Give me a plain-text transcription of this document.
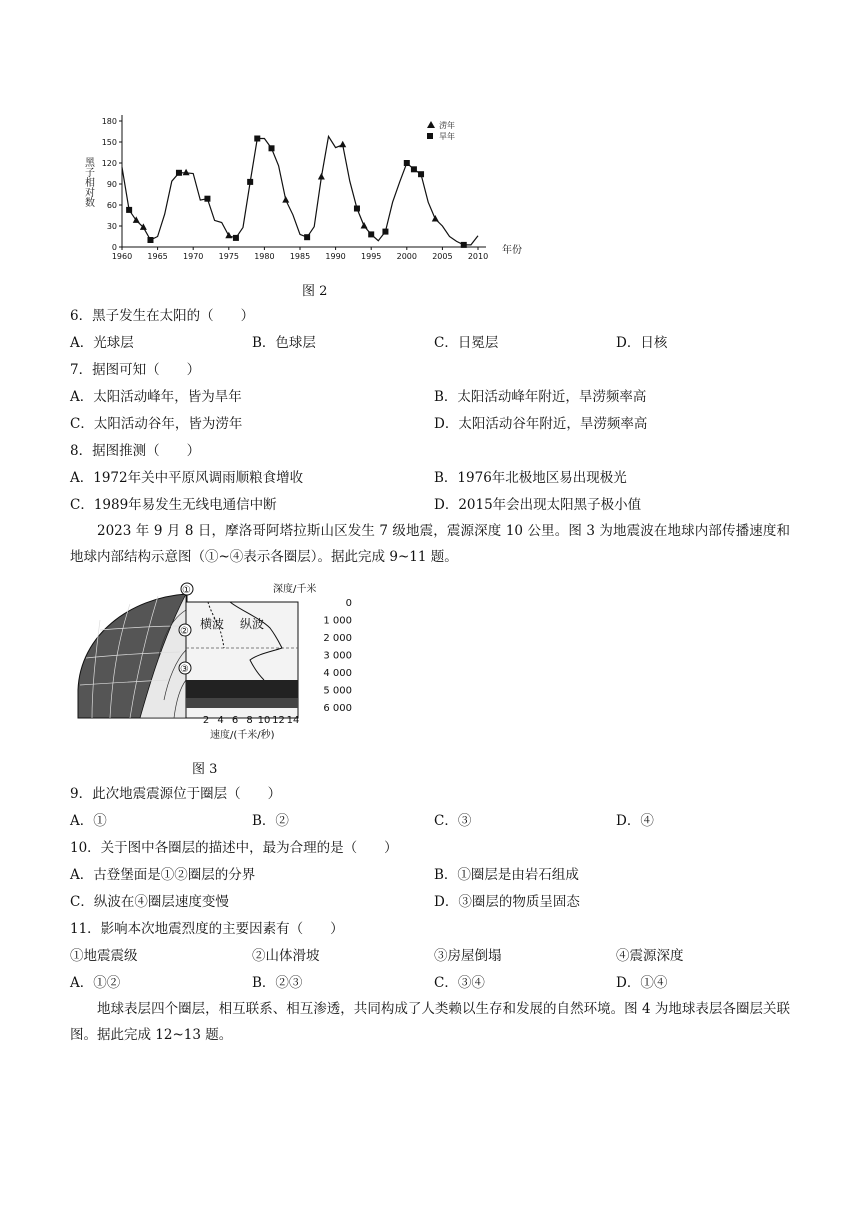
0
30
60
90
120
150
180
1960 1965 1970 1975 1980 1985 1990 1995 2000 2005 2010
黑子相对数
年份
涝年
旱年
图 2
6．黑子发生在太阳的（　　）
A．光球层	B．色球层	C．日冕层	D．日核
7．据图可知（　　）
A．太阳活动峰年，皆为旱年	B．太阳活动峰年附近，旱涝频率高
C．太阳活动谷年，皆为涝年	D．太阳活动谷年附近，旱涝频率高
8．据图推测（　　）
A．1972年关中平原风调雨顺粮食增收	B．1976年北极地区易出现极光
C．1989年易发生无线电通信中断	D．2015年会出现太阳黑子极小值
2023 年 9 月 8 日，摩洛哥阿塔拉斯山区发生 7 级地震，震源深度 10 公里。图 3 为地震波在地球内部传播速度和地球内部结构示意图（①~④表示各圈层）。据此完成 9~11 题。
①
②
③
横波 纵波
深度/千米
0
1 000
2 000
3 000
4 000
5 000
6 000
2 4 6 8 10 12 14
速度/(千米/秒)
图 3
9．此次地震震源位于圈层（　　）
A．①	B．②	C．③	D．④
10．关于图中各圈层的描述中，最为合理的是（　　）
A．古登堡面是①②圈层的分界	B．①圈层是由岩石组成
C．纵波在④圈层速度变慢	D．③圈层的物质呈固态
11．影响本次地震烈度的主要因素有（　　）
①地震震级	②山体滑坡	③房屋倒塌	④震源深度
A．①②	B．②③	C．③④	D．①④
地球表层四个圈层，相互联系、相互渗透，共同构成了人类赖以生存和发展的自然环境。图 4 为地球表层各圈层关联图。据此完成 12~13 题。
